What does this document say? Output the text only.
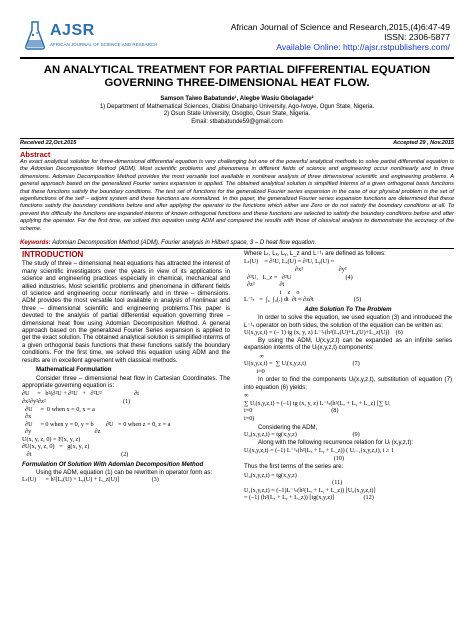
AJSR
AFRICAN JOURNAL OF SCIENCE AND RESEARCH
African Journal of Science and Research,2015,(4)6:47-49
ISSN: 2306-5877
Available Online: http://ajsr.rstpublishers.com/
AN ANALYTICAL TREATMENT FOR PARTIAL DIFFERENTIAL EQUATION GOVERNING THREE-DIMENSIONAL HEAT FLOW.
Samson Taiwo Babatunde¹, Alegbe Wasiu Gbolagade²
1) Department of Mathematical Sciences, Olabisi Onabanjo University, Ago-Iwoye, Ogun State, Nigeria.
2) Osun State University, Osogbo, Osun State, Nigeria.
Email: stbabatunde59@gmail.com
Received 22,Oct.2015	Accepted 29 , Nov.2015
Abstract
An exact analytical solution for three-dimensional differential equation is very challenging but one of the powerful analytical methods to solve partial differential equation is the Adomian Decomposition Method (ADM). Most scientific problems and phenomena in different fields of science and engineering occur nonlinearly and in three dimensions. Adomian Decomposition Method provides the most versatile tool available in nonlinear analysis of three dimensional scientific and engineering problems. A general approach based on the generalized Fourier series expansion is applied. The obtained analytical solution is simplified interms of a given orthogonal basis functions that these functions satisfy the boundary conditions. The test set of functions for the generalized Fourier series expansion in the case of our physical problem is the set of eigenfunctions of the self – adjoint system and these functions are normalized. In this paper, the generalized Fourier series expansion functions are determined that these functions satisfy the boundary conditions before and after applying the operator to the functions which either are Zero or do not satisfy the boundary conditions at all. To prevent this difficulty the functions are expanded interms of known orthogonal functions and these functions are selected to satisfy the boundary conditions before and after applying the operator. For the first time, we solved this equation using ADM and compared the results with those of classical analysis to demonstrate the accuracy of the scheme.
Keywords: Adomian Decomposition Method (ADM), Fourier analysis in Hilbert space, 3 – D heat flow equation.
INTRODUCTION

The study of three – dimensional heat equations has attracted the interest of many scientific investigators over the years in view of its applications in science and engineering practices especially in chemical, mechanical and allied industries. Most scientific problems and phenomena in different fields of science and engineering occur nonlinearly and in three – dimensions. ADM provides the most versatile tool available in analysis of nonlinear and three – dimensional scientific and engineering problems.This paper is devoted to the analysis of partial differential equation governing three – dimensional heat flow using Adomian Decomposition Method. A general approach based on the generalized Fourier Series expansion is applied to get the exact solution. The obtained analytical solution is simplified interms of a given orthogonal basis functions that these functions satisfy the boundary conditions. For the first time, we solved this equation using ADM and the results are in excellent agreement with classical methods.

Mathematical Formulation

Consider three – dimensional heat flow in Cartesian Coordinates. The appropriate governing equation is:

∂U     =   b²(∂²U + ∂²U   +   ∂²U²                     ∂t
∂x²∂y²∂z²                                                  (1)
∂U     =  0 when x = 0, x = a
∂x
∂U     = 0 when y = 0, y = b        ∂U   = 0 when z = 0, z = a
∂y                                         ∂z
U(x, y, z, 0) = F(x, y, z)
∂U(x, y, z, 0)   =   g(x, y, z)
∂t                                                          (2)
Formulation Of Solution With Adomian Decomposition Method

Using the ADM, equation (1) can be rewritten in operator form as:

Lₜ(U)      = h²[Lₓ(U) + Lᵧ(U) + L_z(U)]                     (3)

Where Lₜ, Lₓ, Lᵧ, L_z and L⁻¹ₜ are defined as follows:

Lₜ(U)    = ∂²U, Lₓ(U) = ∂²U, Lᵧ(U) =
∂x²                       ∂y²
∂²U,   L_z =   ∂²U                                   (4)
∂z²                ∂t
t    z    o
L⁻¹ₜ   =  ∫₀  ∫₀(.) dt  ∂t ≈ ∂z∂t                          (5)
Adm Solution To The Problem

In order to solve the equation, we used equation (3) and introduced the L⁻¹ₜ operator on both sides, the solution of the equation can be written as:

U(x,y,z,t) = (– 1) tg (x, y, z) L⁻¹ₜ(h²(Lₓ(U)+Lᵧ(U)+L_z(U))    (6)

By using the ADM, U(x,y,z,t) can be expanded as an infinite series expansion interms of the Uᵢ(x,y,z,t) components:

∞
U(x,y,z,t) =  ∑ Uᵢ(x,y,z,t)                              (7)
i=0

In order to find the components Uᵢ(x,y,z,t), substitution of equation (7) into equation (6) yields;

∞
∑ Uᵢ(x,y,z,t) = (–1) tg (x, y, z) L⁻¹ₜ(h²(Lₓ + Lᵧ + L_z) [∑ Uᵢ
i=0                                                   (8)
i=0)

Considering the ADM,

U₀(x,y,z,t) = tg(x,y,z)                                    (9)

Along with the following recurrence relation for Uᵢ (x,y,z,t):

Uᵢ(x,y,z,t) = (–1) L⁻¹ₜ(h²(Lₓ + Lᵧ + L_z)) ( Uᵢ₋₁(x,y,z,t), i ≥ 1
(10)

Thus the first terms of the series are:

U₀(x,y,z,t) = tg(x,y,z)
(11)
U₁(x,y,z,t) = (–1)L⁻¹ₜ(h²(Lₓ + Lᵧ + L_z)) [U₀(x,y,z,t)]
= (–1) (h²(Lₓ + Lᵧ + L_z)) [tg(x,y,z)]                   (12)
